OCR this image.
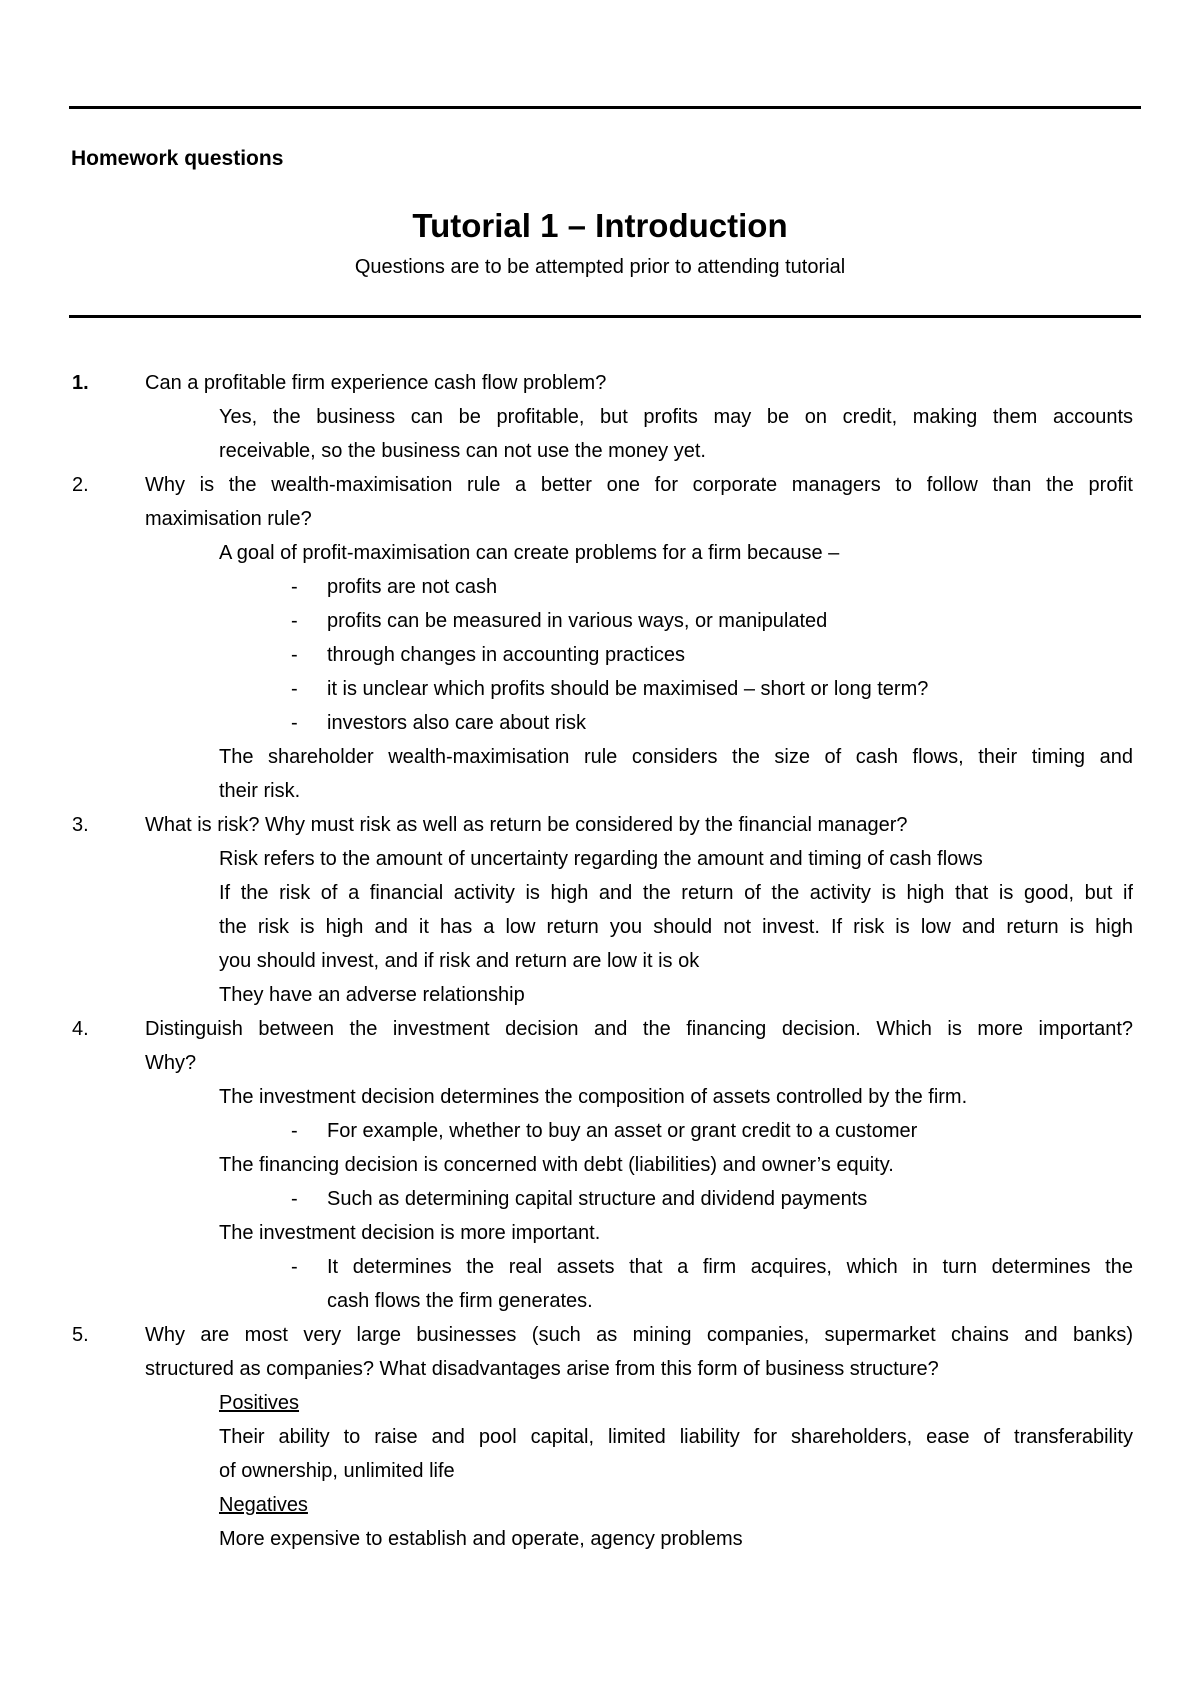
Homework questions
Tutorial 1 – Introduction
Questions are to be attempted prior to attending tutorial
1.	Can a profitable firm experience cash flow problem?
Yes, the business can be profitable, but profits may be on credit, making them accounts
receivable, so the business can not use the money yet.
2.	Why is the wealth-maximisation rule a better one for corporate managers to follow than the profit
maximisation rule?
A goal of profit-maximisation can create problems for a firm because –
- profits are not cash
- profits can be measured in various ways, or manipulated
- through changes in accounting practices
- it is unclear which profits should be maximised – short or long term?
- investors also care about risk
The shareholder wealth-maximisation rule considers the size of cash flows, their timing and
their risk.
3.	What is risk? Why must risk as well as return be considered by the financial manager?
Risk refers to the amount of uncertainty regarding the amount and timing of cash flows
If the risk of a financial activity is high and the return of the activity is high that is good, but if
the risk is high and it has a low return you should not invest. If risk is low and return is high
you should invest, and if risk and return are low it is ok
They have an adverse relationship
4.	Distinguish between the investment decision and the financing decision. Which is more important?
Why?
The investment decision determines the composition of assets controlled by the firm.
- For example, whether to buy an asset or grant credit to a customer
The financing decision is concerned with debt (liabilities) and owner’s equity.
- Such as determining capital structure and dividend payments
The investment decision is more important.
- It determines the real assets that a firm acquires, which in turn determines the
cash flows the firm generates.
5.	Why are most very large businesses (such as mining companies, supermarket chains and banks)
structured as companies? What disadvantages arise from this form of business structure?
Positives
Their ability to raise and pool capital, limited liability for shareholders, ease of transferability
of ownership, unlimited life
Negatives
More expensive to establish and operate, agency problems
